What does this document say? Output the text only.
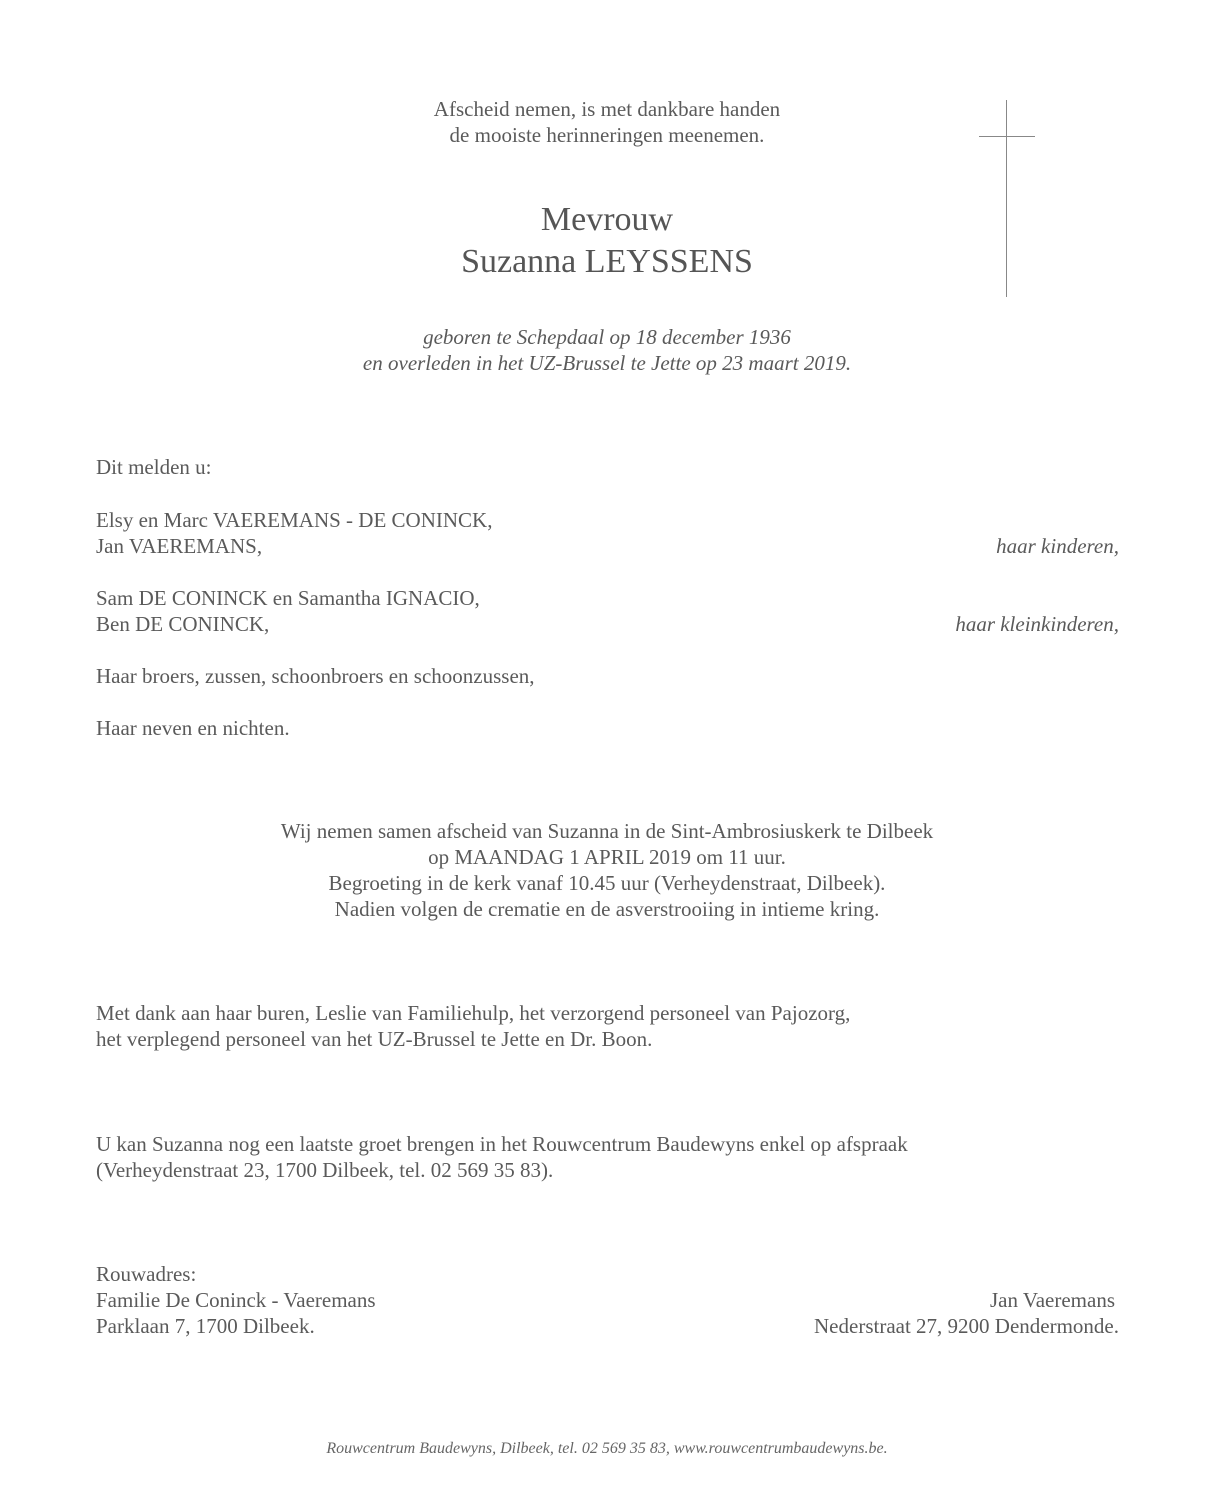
Afscheid nemen, is met dankbare handen
de mooiste herinneringen meenemen.
Mevrouw
Suzanna LEYSSENS
geboren te Schepdaal op 18 december 1936
en overleden in het UZ-Brussel te Jette op 23 maart 2019.
Dit melden u:
Elsy en Marc VAEREMANS - DE CONINCK,
Jan VAEREMANS,	haar kinderen,
Sam DE CONINCK en Samantha IGNACIO,
Ben DE CONINCK,	haar kleinkinderen,
Haar broers, zussen, schoonbroers en schoonzussen,
Haar neven en nichten.
Wij nemen samen afscheid van Suzanna in de Sint-Ambrosiuskerk te Dilbeek
op MAANDAG 1 APRIL 2019 om 11 uur.
Begroeting in de kerk vanaf 10.45 uur (Verheydenstraat, Dilbeek).
Nadien volgen de crematie en de asverstrooiing in intieme kring.
Met dank aan haar buren, Leslie van Familiehulp, het verzorgend personeel van Pajozorg,
het verplegend personeel van het UZ-Brussel te Jette en Dr. Boon.
U kan Suzanna nog een laatste groet brengen in het Rouwcentrum Baudewyns enkel op afspraak
(Verheydenstraat 23, 1700 Dilbeek, tel. 02 569 35 83).
Rouwadres:
Familie De Coninck - Vaeremans
Parklaan 7, 1700 Dilbeek.
Jan Vaeremans
Nederstraat 27, 9200 Dendermonde.
Rouwcentrum Baudewyns, Dilbeek, tel. 02 569 35 83, www.rouwcentrumbaudewyns.be.
